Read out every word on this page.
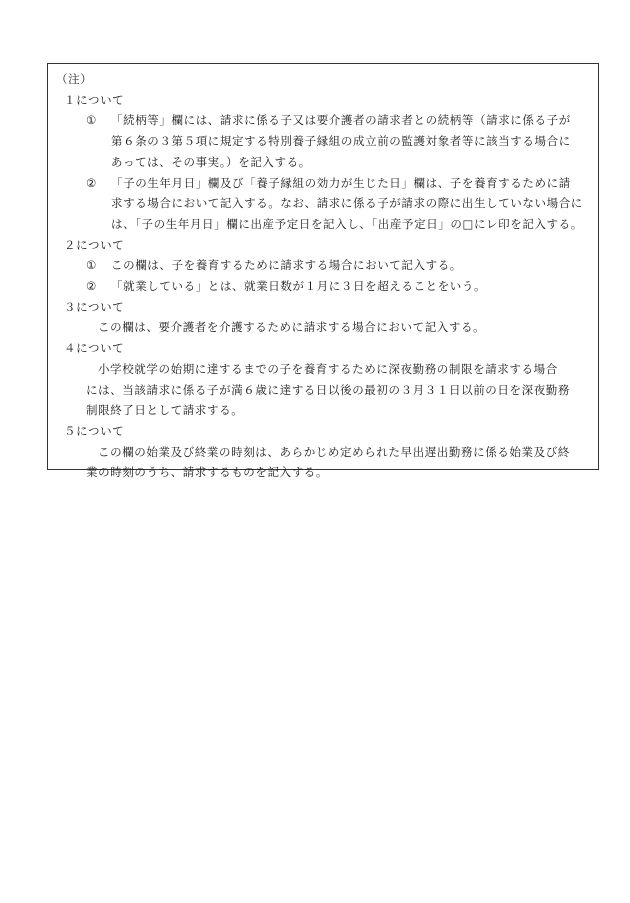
（注）
１について
①	「続柄等」欄には、請求に係る子又は要介護者の請求者との続柄等（請求に係る子が
第６条の３第５項に規定する特別養子縁組の成立前の監護対象者等に該当する場合に
あっては、その事実。）を記入する。
②	「子の生年月日」欄及び「養子縁組の効力が生じた日」欄は、子を養育するために請
求する場合において記入する。なお、請求に係る子が請求の際に出生していない場合に
は、「子の生年月日」欄に出産予定日を記入し、「出産予定日」の□にレ印を記入する。
２について
①	この欄は、子を養育するために請求する場合において記入する。
②	「就業している」とは、就業日数が１月に３日を超えることをいう。
３について
この欄は、要介護者を介護するために請求する場合において記入する。
４について
小学校就学の始期に達するまでの子を養育するために深夜勤務の制限を請求する場合
には、当該請求に係る子が満６歳に達する日以後の最初の３月３１日以前の日を深夜勤務
制限終了日として請求する。
５について
この欄の始業及び終業の時刻は、あらかじめ定められた早出遅出勤務に係る始業及び終
業の時刻のうち、請求するものを記入する。
